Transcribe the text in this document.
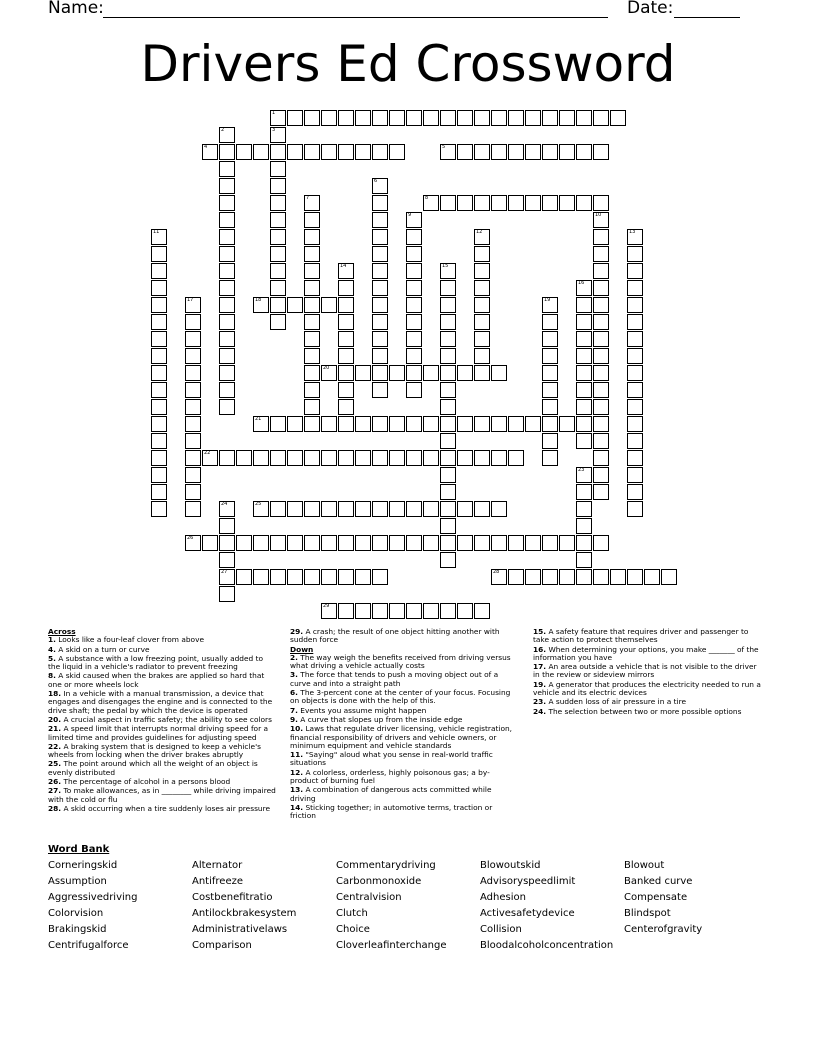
Name:	Date:
Drivers Ed Crossword
1
2	3
4	5
6
7	8
9	10
11	12	13
14	15
16
17	18	19
20
21
22
23
24	25
26
27	28
29
Across
1. Looks like a four-leaf clover from above
4. A skid on a turn or curve
5. A substance with a low freezing point, usually added to the liquid in a vehicle's radiator to prevent freezing
8. A skid caused when the brakes are applied so hard that one or more wheels lock
18. In a vehicle with a manual transmission, a device that engages and disengages the engine and is connected to the drive shaft; the pedal by which the device is operated
20. A crucial aspect in traffic safety; the ability to see colors
21. A speed limit that interrupts normal driving speed for a limited time and provides guidelines for adjusting speed
22. A braking system that is designed to keep a vehicle's wheels from locking when the driver brakes abruptly
25. The point around which all the weight of an object is evenly distributed
26. The percentage of alcohol in a persons blood
27. To make allowances, as in ________ while driving impaired with the cold or flu
28. A skid occurring when a tire suddenly loses air pressure
29. A crash; the result of one object hitting another with sudden force
Down
2. The way weigh the benefits received from driving versus what driving a vehicle actually costs
3. The force that tends to push a moving object out of a curve and into a straight path
6. The 3-percent cone at the center of your focus. Focusing on objects is done with the help of this.
7. Events you assume might happen
9. A curve that slopes up from the inside edge
10. Laws that regulate driver licensing, vehicle registration, financial responsibility of drivers and vehicle owners, or minimum equipment and vehicle standards
11. "Saying" aloud what you sense in real-world traffic situations
12. A colorless, orderless, highly poisonous gas; a by-product of burning fuel
13. A combination of dangerous acts committed while driving
14. Sticking together; in automotive terms, traction or friction
15. A safety feature that requires driver and passenger to take action to protect themselves
16. When determining your options, you make _______ of the information you have
17. An area outside a vehicle that is not visible to the driver in the review or sideview mirrors
19. A generator that produces the electricity needed to run a vehicle and its electric devices
23. A sudden loss of air pressure in a tire
24. The selection between two or more possible options
Word Bank
Corneringskid
Assumption
Aggressivedriving
Colorvision
Brakingskid
Centrifugalforce
Alternator
Antifreeze
Costbenefitratio
Antilockbrakesystem
Administrativelaws
Comparison
Commentarydriving
Carbonmonoxide
Centralvision
Clutch
Choice
Cloverleafinterchange
Blowoutskid
Advisoryspeedlimit
Adhesion
Activesafetydevice
Collision
Bloodalcoholconcentration
Blowout
Banked curve
Compensate
Blindspot
Centerofgravity
